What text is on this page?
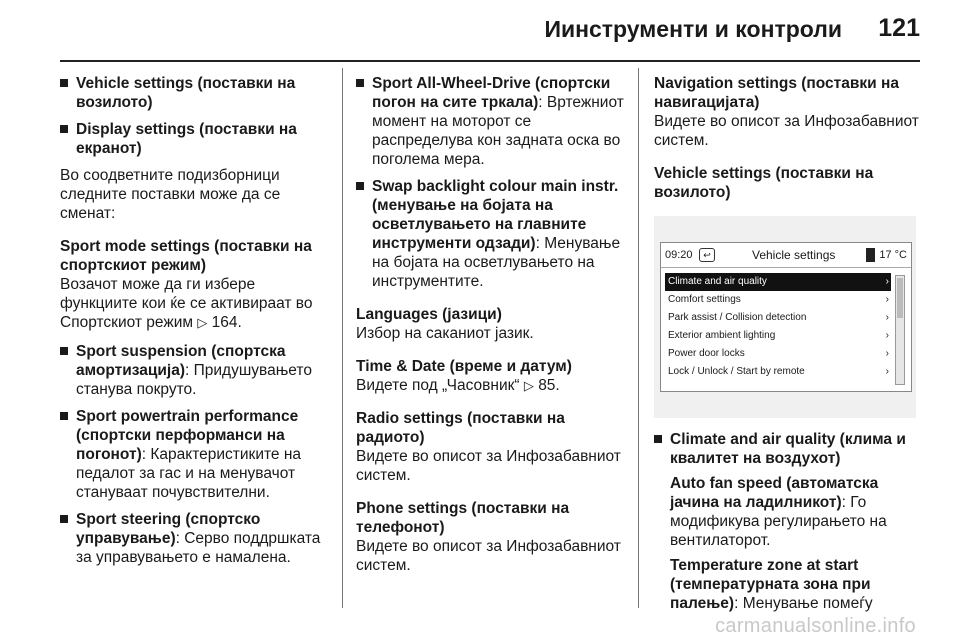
Иинструменти и контроли 121
Vehicle settings (поставки на возилото)
Display settings (поставки на екранот)

Во соодветните подизборници следните поставки може да се сменат:

Sport mode settings (поставки на спортскиот режим)

Возачот може да ги избере функциите кои ќе се активираат во Спортскиот режим ▷ 164.

Sport suspension (спортска амортизација): Придушувањето станува покруто.
Sport powertrain performance (спортски перформанси на погонот): Карактеристиките на педалот за гас и на менувачот стануваат почувствителни.
Sport steering (спортско управување): Серво поддршката за управувањето е намалена.
Sport All-Wheel-Drive (спортски погон на сите тркала): Вртежниот момент на моторот се распределува кон задната оска во поголема мера.
Swap backlight colour main instr. (менување на бојата на осветлувањето на главните инструменти одзади): Менување на бојата на осветлувањето на инструментите.

Languages (јазици)

Избор на саканиот јазик.

Time & Date (време и датум)

Видете под „Часовник“ ▷ 85.

Radio settings (поставки на радиото)

Видете во описот за Инфозабавниот систем.

Phone settings (поставки на телефонот)

Видете во описот за Инфозабавниот систем.

Navigation settings (поставки на навигацијата)

Видете во описот за Инфозабавниот систем.

Vehicle settings (поставки на возилото)

09:20	↩	Vehicle settings	17 °C
Climate and air quality	›
Comfort settings	›
Park assist / Collision detection	›
Exterior ambient lighting	›
Power door locks	›
Lock / Unlock / Start by remote	›
Climate and air quality (клима и квалитет на воздухот)

Auto fan speed (автоматска јачина на ладилникот): Го модификува регулирањето на вентилаторот.

Temperature zone at start (температурната зона при палење): Менување помеѓу

carmanualsonline.info
